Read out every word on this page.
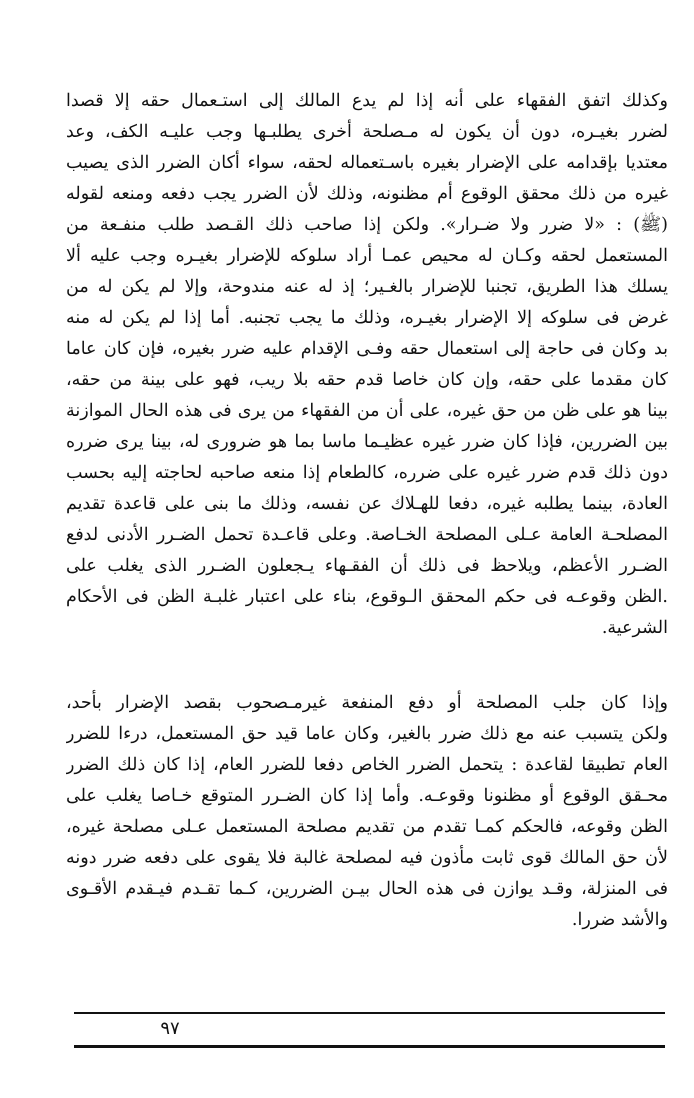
وكذلك اتفق الفقهاء على أنه إذا لم يدع المالك إلى استـعمال حقه إلا قصدا
لضرر بغيـره، دون أن يكون له مـصلحة أخرى يطلبـها وجب عليـه الكف، وعد
معتديا بإقدامه على الإضرار بغيره باسـتعماله لحقه، سواء أكان الضرر الذى يصيب
غيره من ذلك محقق الوقوع أم مظنونه، وذلك لأن الضرر يجب دفعه ومنعه لقوله
(ﷺ) : «لا ضرر ولا ضـرار». ولكن إذا صاحب ذلك القـصد طلب منفـعة من
المستعمل لحقه وكـان له محيص عمـا أراد سلوكه للإضرار بغيـره وجب عليه ألا
يسلك هذا الطريق، تجنبا للإضرار بالغـير؛ إذ له عنه مندوحة، وإلا لم يكن له من
غرض فى سلوكه إلا الإضرار بغيـره، وذلك ما يجب تجنبه. أما إذا لم يكن له منه
بد وكان فى حاجة إلى استعمال حقه وفـى الإقدام عليه ضرر بغيره، فإن كان عاما
كان مقدما على حقه، وإن كان خاصا قدم حقه بلا ريب، فهو على بينة من حقه،
بينا هو على ظن من حق غيره، على أن من الفقهاء من يرى فى هذه الحال الموازنة
بين الضررين، فإذا كان ضرر غيره عظيـما ماسا بما هو ضرورى له، بينا يرى ضرره
دون ذلك قدم ضرر غيره على ضرره، كالطعام إذا منعه صاحبه لحاجته إليه بحسب
العادة، بينما يطلبه غيره، دفعا للهـلاك عن نفسه، وذلك ما بنى على قاعدة تقديم
المصلحـة العامة عـلى المصلحة الخـاصة. وعلى قاعـدة تحمل الضـرر الأدنى لدفع
الضـرر الأعظم، ويلاحظ فى ذلك أن الفقـهاء يـجعلون الضـرر الذى يغلب على
.الظن وقوعـه فى حكم المحقق الـوقوع، بناء على اعتبار غلبـة الظن فى الأحكام
الشرعية.
وإذا كان جلب المصلحة أو دفع المنفعة غيرمـصحوب بقصد الإضرار بأحد،
ولكن يتسبب عنه مع ذلك ضرر بالغير، وكان عاما قيد حق المستعمل، درءا للضرر
العام تطبيقا لقاعدة : يتحمل الضرر الخاص دفعا للضرر العام، إذا كان ذلك الضرر
محـقق الوقوع أو مظنونا وقوعـه. وأما إذا كان الضـرر المتوقع خـاصا يغلب على
الظن وقوعه، فالحكم كمـا تقدم من تقديم مصلحة المستعمل عـلى مصلحة غيره،
لأن حق المالك قوى ثابت مأذون فيه لمصلحة غالبة فلا يقوى على دفعه ضرر دونه
فى المنزلة، وقـد يوازن فى هذه الحال بيـن الضررين، كـما تقـدم فيـقدم الأقـوى
والأشد ضررا.
٩٧
